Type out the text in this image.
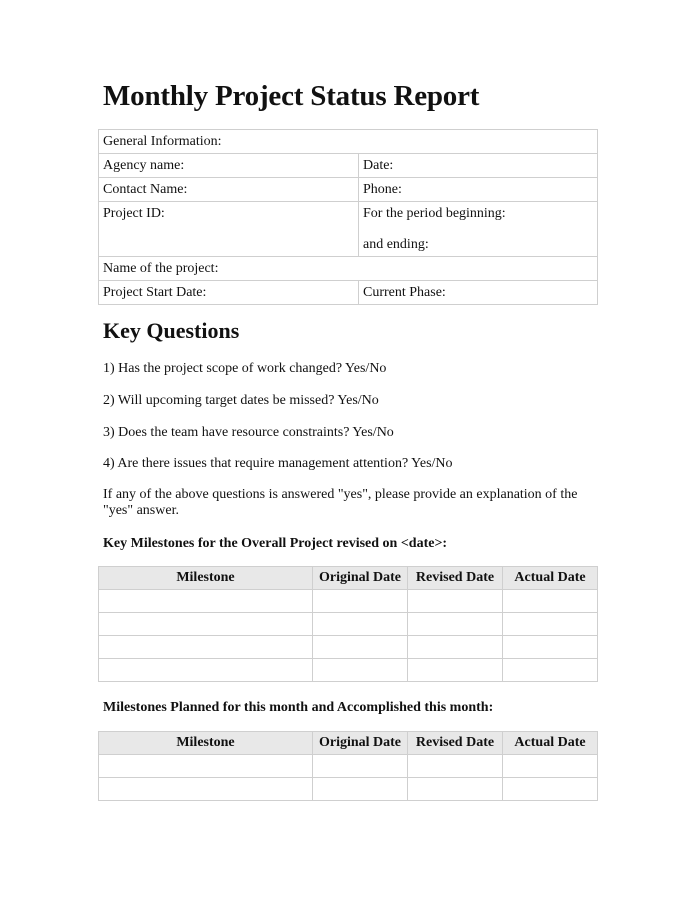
Monthly Project Status Report
General Information:	
Agency name:	Date:
Contact Name:	Phone:
Project ID:	For the period beginning:
and ending:

Name of the project:	
Project Start Date:	Current Phase:
Key Questions

1) Has the project scope of work changed? Yes/No

2) Will upcoming target dates be missed? Yes/No

3) Does the team have resource constraints? Yes/No

4) Are there issues that require management attention? Yes/No

If any of the above questions is answered "yes", please provide an explanation of the "yes" answer.

Key Milestones for the Overall Project revised on <date>:

Milestone	Original Date	Revised Date	Actual Date

Milestones Planned for this month and Accomplished this month:

Milestone	Original Date	Revised Date	Actual Date
